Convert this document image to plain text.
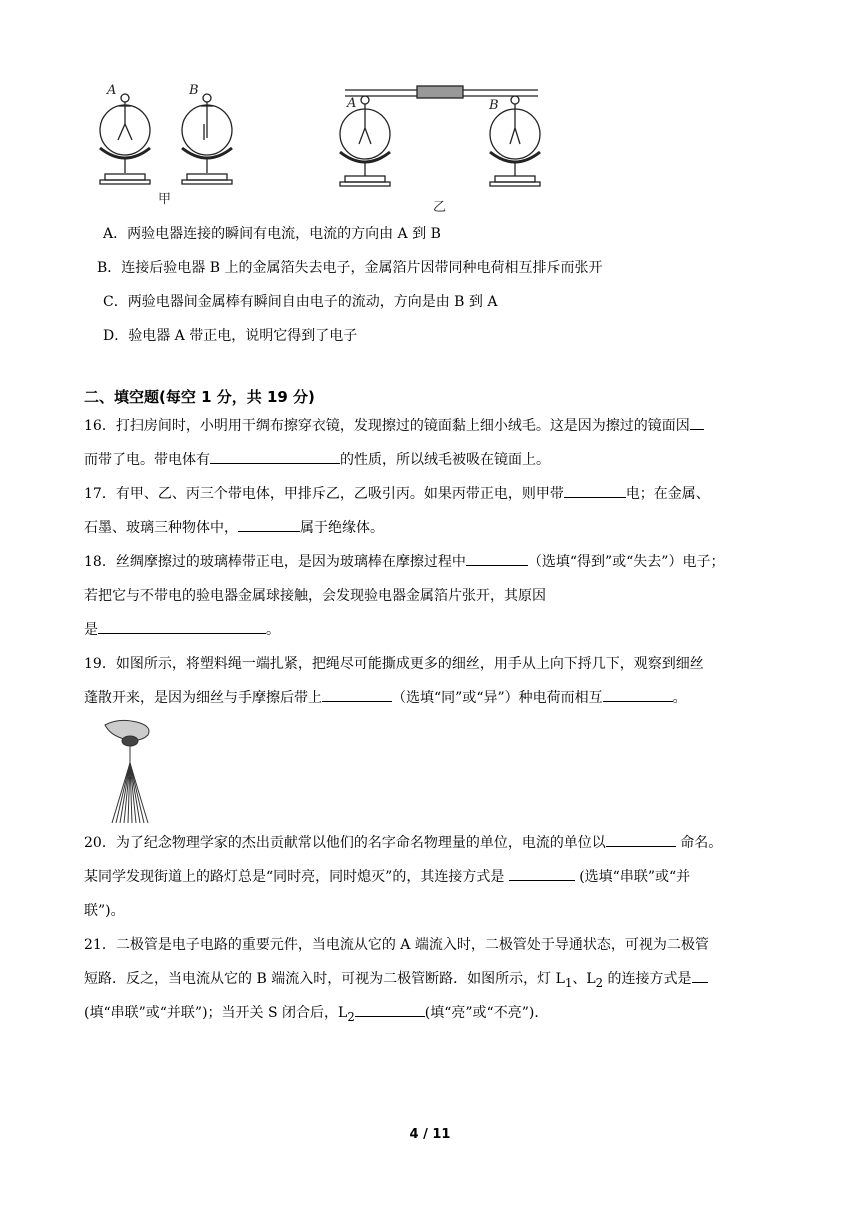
A	B
A	B
甲
乙
A．两验电器连接的瞬间有电流，电流的方向由 A 到 B
B．连接后验电器 B 上的金属箔失去电子，金属箔片因带同种电荷相互排斥而张开
C．两验电器间金属棒有瞬间自由电子的流动，方向是由 B 到 A
D．验电器 A 带正电，说明它得到了电子
二、填空题(每空 1 分，共 19 分)
16．打扫房间时，小明用干绸布擦穿衣镜，发现擦过的镜面黏上细小绒毛。这是因为擦过的镜面因
而带了电。带电体有	的性质，所以绒毛被吸在镜面上。
17．有甲、乙、丙三个带电体，甲排斥乙，乙吸引丙。如果丙带正电，则甲带	电；在金属、
石墨、玻璃三种物体中，	属于绝缘体。
18．丝绸摩擦过的玻璃棒带正电，是因为玻璃棒在摩擦过程中	（选填“得到”或“失去”）电子；
若把它与不带电的验电器金属球接触，会发现验电器金属箔片张开，其原因
是	。
19．如图所示，将塑料绳一端扎紧，把绳尽可能撕成更多的细丝，用手从上向下捋几下，观察到细丝
蓬散开来，是因为细丝与手摩擦后带上	（选填“同”或“异”）种电荷而相互	。
20．为了纪念物理学家的杰出贡献常以他们的名字命名物理量的单位，电流的单位以	命名。
某同学发现街道上的路灯总是“同时亮，同时熄灭”的，其连接方式是	(选填“串联”或“并
联”)。
21．二极管是电子电路的重要元件，当电流从它的 A 端流入时，二极管处于导通状态，可视为二极管
短路．反之，当电流从它的 B 端流入时，可视为二极管断路．如图所示，灯 $L_1$、$L_2$ 的连接方式是
(填“串联”或“并联”)；当开关 S 闭合后，$L_2$	(填“亮”或“不亮”)．
4 / 11
